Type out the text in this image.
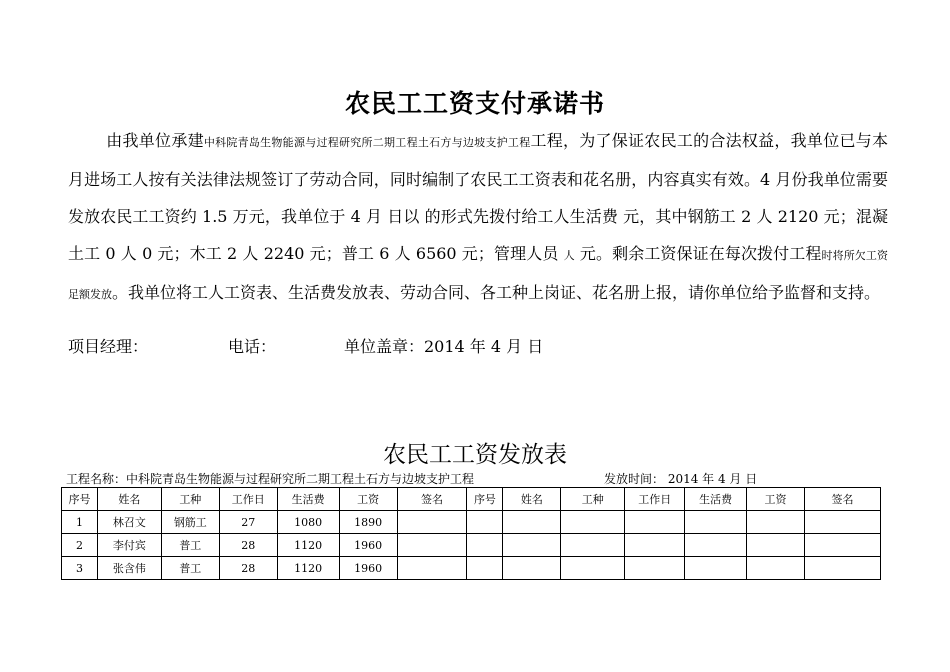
农民工工资支付承诺书
由我单位承建中科院青岛生物能源与过程研究所二期工程土石方与边坡支护工程工程，为了保证农民工的合法权益，我单位已与本月进场工人按有关法律法规签订了劳动合同，同时编制了农民工工资表和花名册，内容真实有效。4 月份我单位需要发放农民工工资约 1.5 万元，我单位于 4 月 日以 的形式先拨付给工人生活费 元，其中钢筋工 2 人 2120 元；混凝土工 0 人 0 元；木工 2 人 2240 元；普工 6 人 6560 元；管理人员 人 元。剩余工资保证在每次拨付工程时将所欠工资足额发放。我单位将工人工资表、生活费发放表、劳动合同、各工种上岗证、花名册上报，请你单位给予监督和支持。
项目经理：	电话：	单位盖章：2014 年 4 月 日
农民工工资发放表
工程名称：中科院青岛生物能源与过程研究所二期工程土石方与边坡支护工程	发放时间： 2014 年 4 月 日
序号	姓名	工种	工作日	生活费	工资	签名	序号	姓名	工种	工作日	生活费	工资	签名
1	林召文	钢筋工	27	1080	1890								
2	李付宾	普工	28	1120	1960								
3	张含伟	普工	28	1120	1960								
